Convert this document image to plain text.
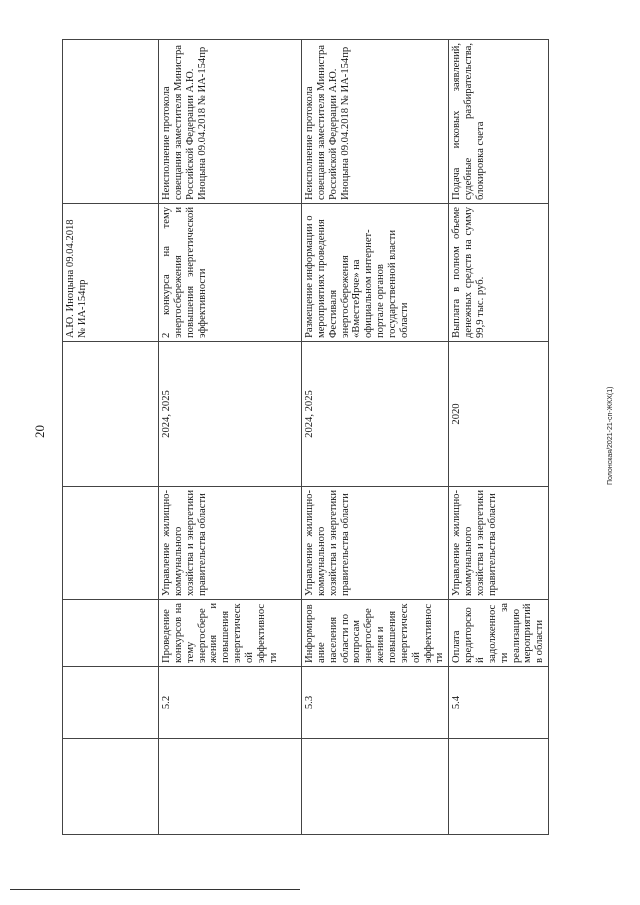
20	Полонская/2021-21-сп-ЖКХ(1)
					А.Ю. Иноцына 09.04.2018 № ИА-154пр	
	5.2	Проведение конкурсов на тему энергосбережения и повышения энергетической эффективности	Управление жилищно-коммунального хозяйства и энергетики правительства области	2024, 2025	2 конкурса на тему энергосбережения и повышения энергетической эффективности	Неисполнение протокола совещания заместителя Министра Российской Федерации А.Ю. Иноцына 09.04.2018 № ИА-154пр
	5.3	Информирование населения области по вопросам энергосбережения и повышения энергетической эффективности	Управление жилищно-коммунального хозяйства и энергетики правительства области	2024, 2025	Размещение информации о мероприятиях проведения Фестиваля энергосбережения «ВместеЯрче» на официальном интернет-портале органов государственной власти области	Неисполнение протокола совещания заместителя Министра Российской Федерации А.Ю. Иноцына 09.04.2018 № ИА-154пр
	5.4	Оплата кредиторской задолженности за реализацию мероприятий в области	Управление жилищно-коммунального хозяйства и энергетики правительства области	2020	Выплата в полном объеме денежных средств на сумму 99,9 тыс. руб.	Подача исковых заявлений, судебные разбирательства, блокировка счета
